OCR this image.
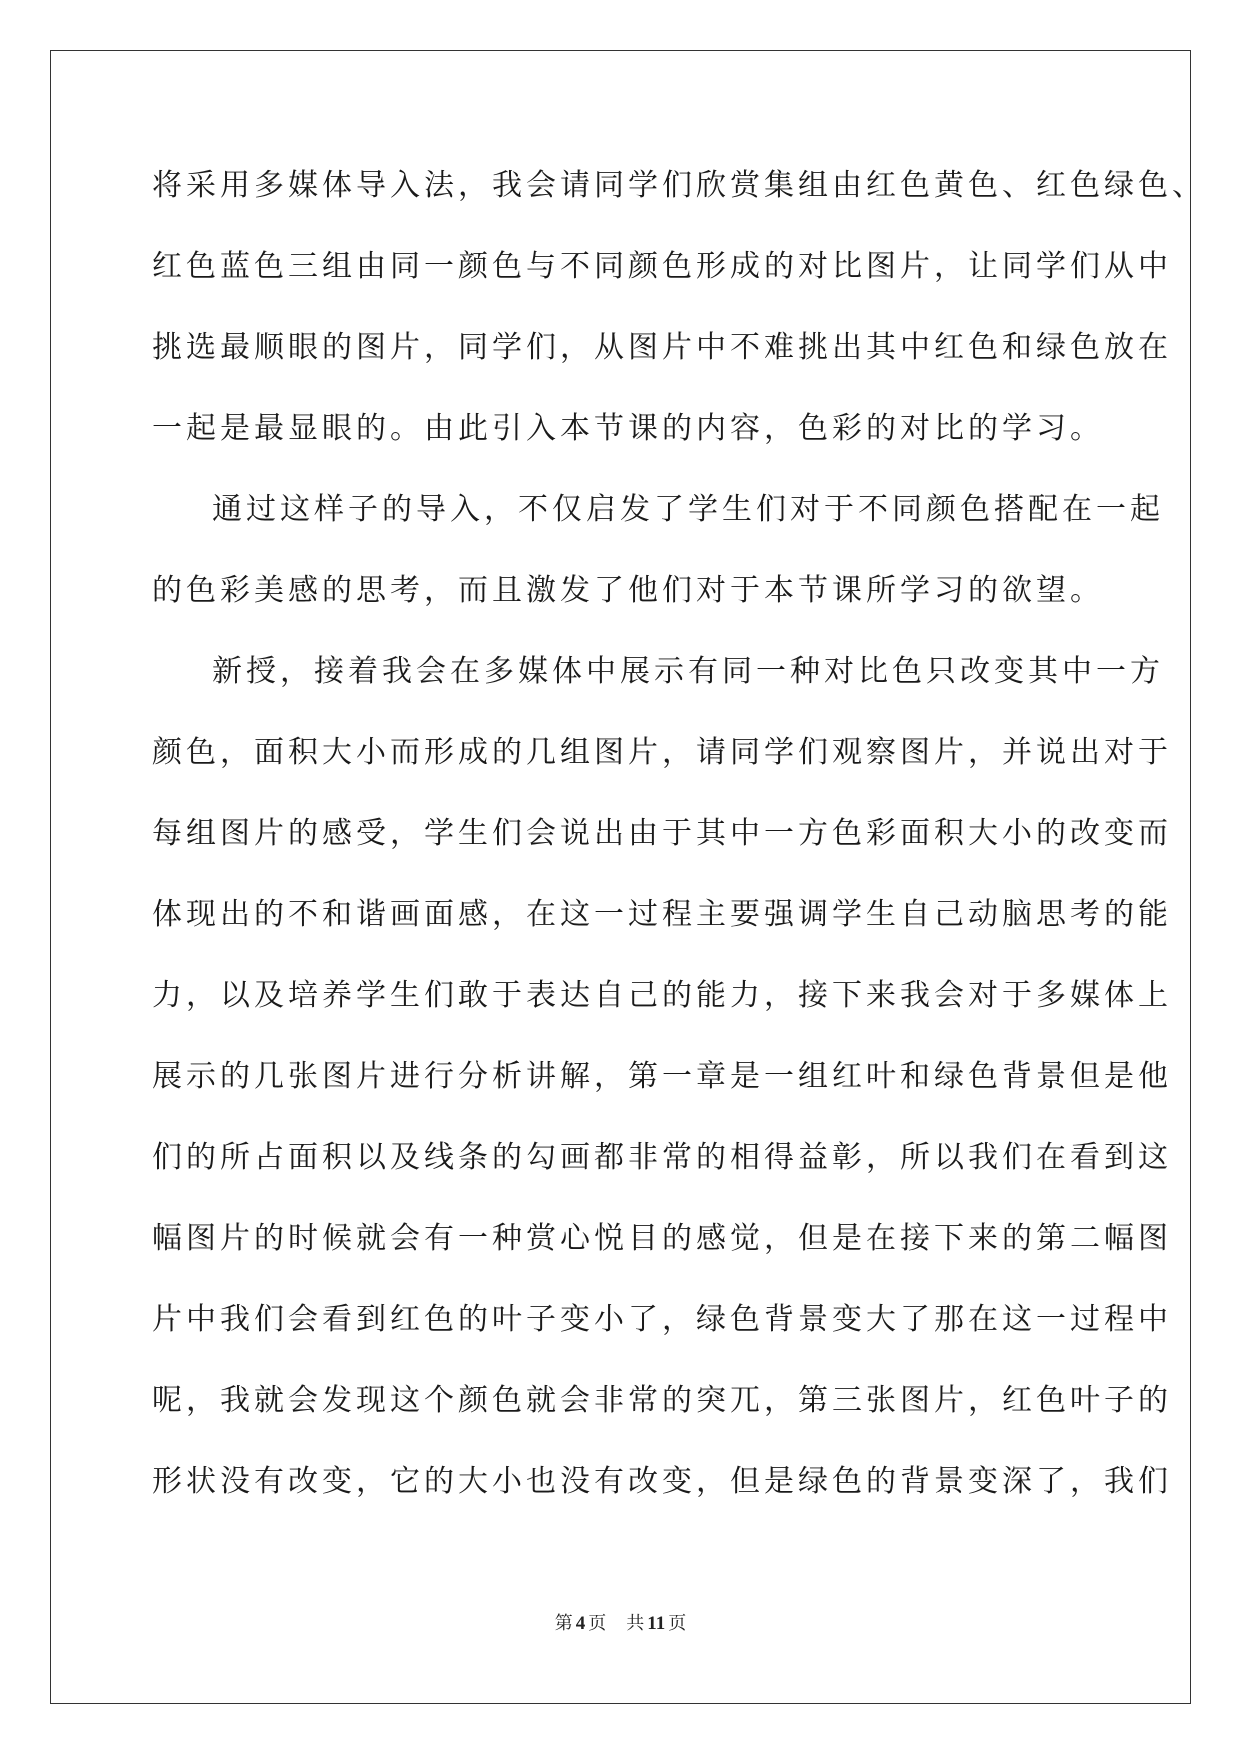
将采用多媒体导入法，我会请同学们欣赏集组由红色黄色、红色绿色、
红色蓝色三组由同一颜色与不同颜色形成的对比图片，让同学们从中
挑选最顺眼的图片，同学们，从图片中不难挑出其中红色和绿色放在
一起是最显眼的。由此引入本节课的内容，色彩的对比的学习。
通过这样子的导入，不仅启发了学生们对于不同颜色搭配在一起
的色彩美感的思考，而且激发了他们对于本节课所学习的欲望。
新授，接着我会在多媒体中展示有同一种对比色只改变其中一方
颜色，面积大小而形成的几组图片，请同学们观察图片，并说出对于
每组图片的感受，学生们会说出由于其中一方色彩面积大小的改变而
体现出的不和谐画面感，在这一过程主要强调学生自己动脑思考的能
力，以及培养学生们敢于表达自己的能力，接下来我会对于多媒体上
展示的几张图片进行分析讲解，第一章是一组红叶和绿色背景但是他
们的所占面积以及线条的勾画都非常的相得益彰，所以我们在看到这
幅图片的时候就会有一种赏心悦目的感觉，但是在接下来的第二幅图
片中我们会看到红色的叶子变小了，绿色背景变大了那在这一过程中
呢，我就会发现这个颜色就会非常的突兀，第三张图片，红色叶子的
形状没有改变，它的大小也没有改变，但是绿色的背景变深了，我们
第 4 页 共 11 页
